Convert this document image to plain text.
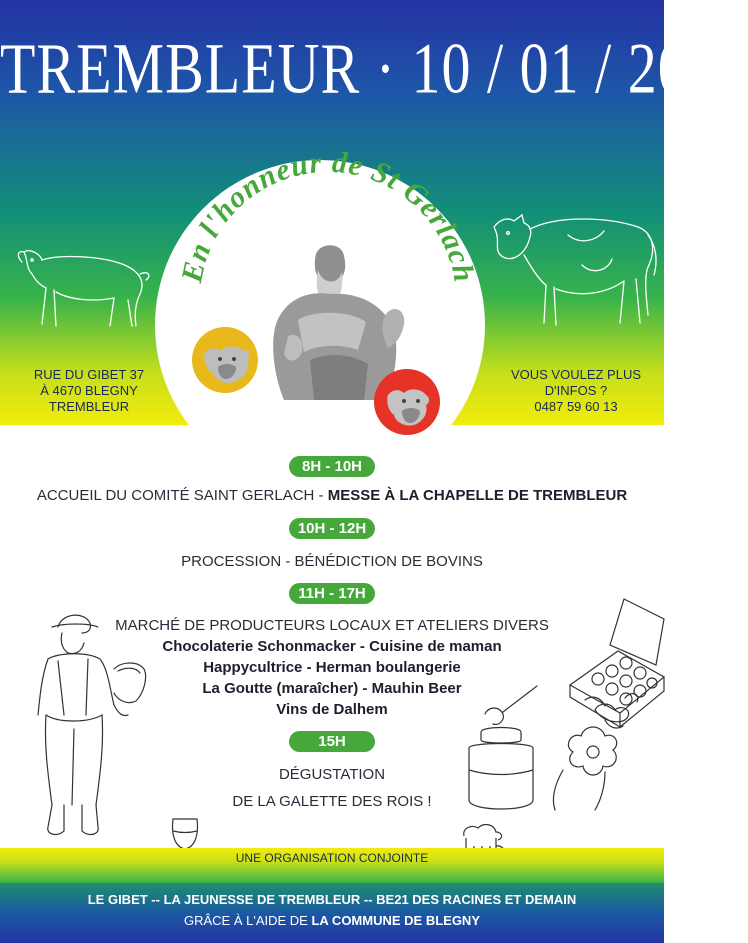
TREMBLEUR · 10 / 01 / 2026
En l'honneur de St Gerlach
RUE DU GIBET 37
À 4670 BLEGNY
TREMBLEUR
VOUS VOULEZ PLUS
D'INFOS ?
0487 59 60 13
8H - 10H
ACCUEIL DU COMITÉ SAINT GERLACH - MESSE À LA CHAPELLE DE TREMBLEUR
10H - 12H
PROCESSION - BÉNÉDICTION DE BOVINS
11H - 17H
MARCHÉ DE PRODUCTEURS LOCAUX ET ATELIERS DIVERS
Chocolaterie Schonmacker - Cuisine de maman
Happycultrice - Herman boulangerie
La Goutte (maraîcher) - Mauhin Beer
Vins de Dalhem
15H
DÉGUSTATION
DE LA GALETTE DES ROIS !
UNE ORGANISATION CONJOINTE
LE GIBET -- LA JEUNESSE DE TREMBLEUR -- BE21 DES RACINES ET DEMAIN
GRÂCE À L'AIDE DE LA COMMUNE DE BLEGNY
